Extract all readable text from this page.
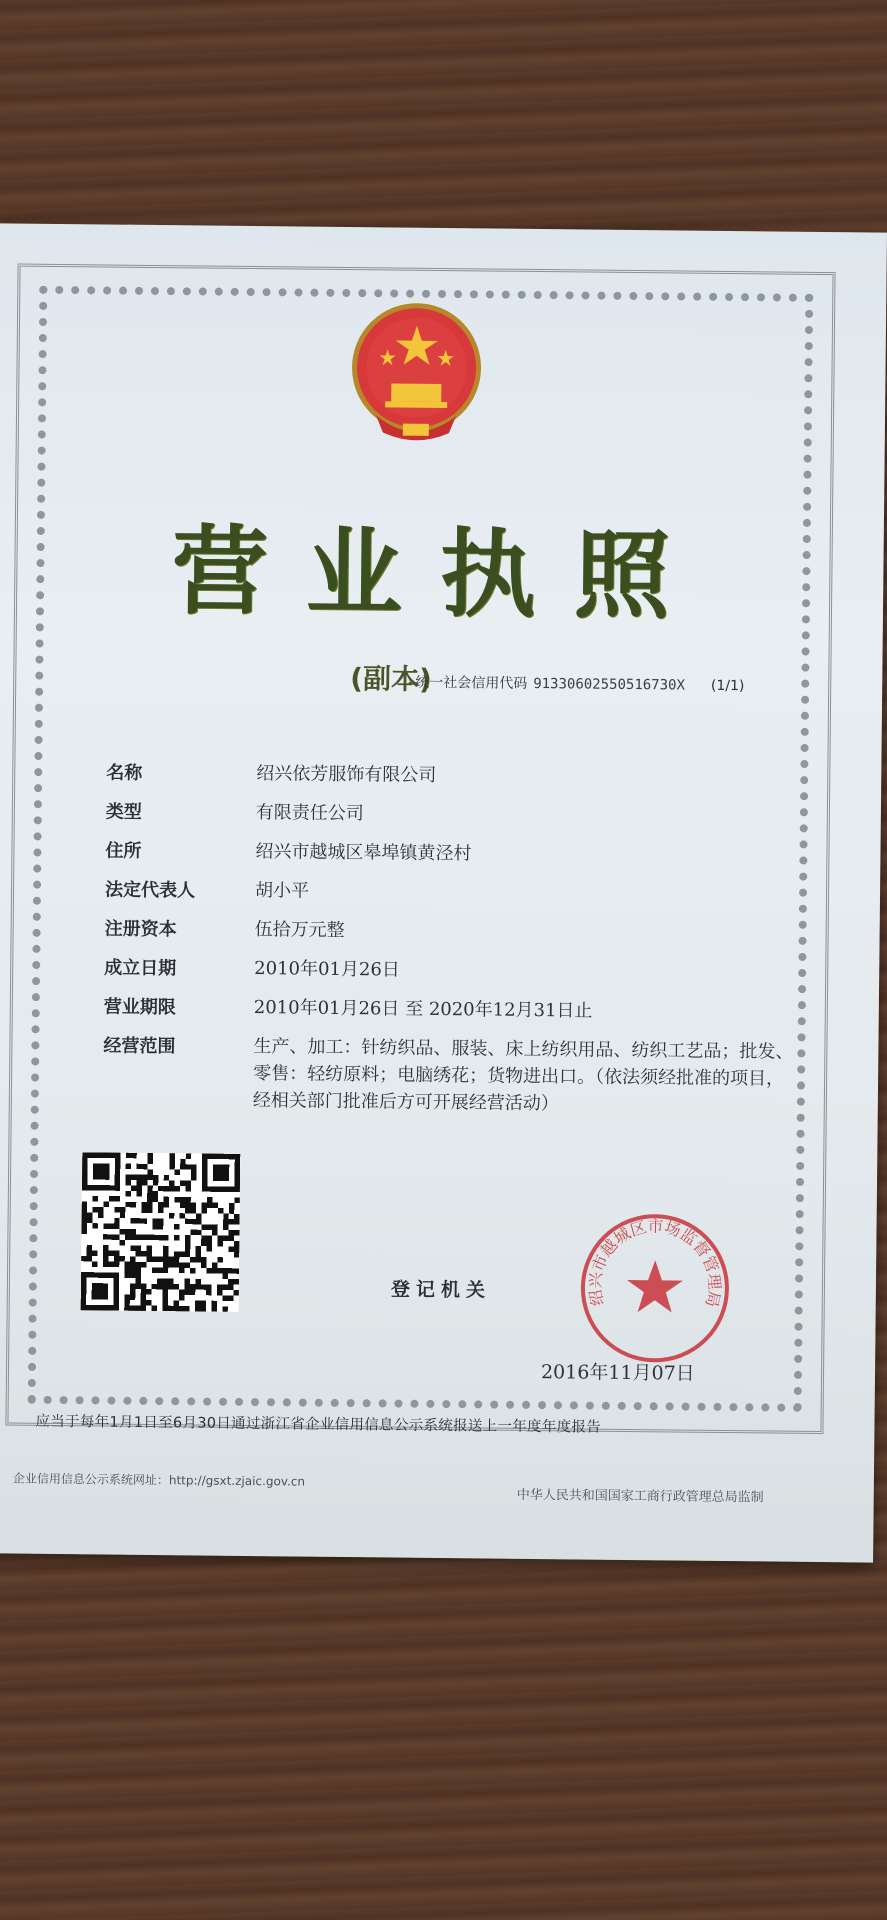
营业执照
(副本)
统一社会信用代码 91330602550516730X (1/1)
名称	绍兴依芳服饰有限公司
类型	有限责任公司
住所	绍兴市越城区皋埠镇黄泾村
法定代表人	胡小平
注册资本	伍拾万元整
成立日期	2010年01月26日
营业期限	2010年01月26日 至 2020年12月31日止
经营范围	生产、加工：针纺织品、服装、床上纺织用品、纺织工艺品；批发、零售：轻纺原料；电脑绣花；货物进出口。（依法须经批准的项目，经相关部门批准后方可开展经营活动）
登记机关	绍兴市越城区市场监督管理局
2016年11月07日
应当于每年1月1日至6月30日通过浙江省企业信用信息公示系统报送上一年度年度报告
企业信用信息公示系统网址：http://gsxt.zjaic.gov.cn
中华人民共和国国家工商行政管理总局监制
